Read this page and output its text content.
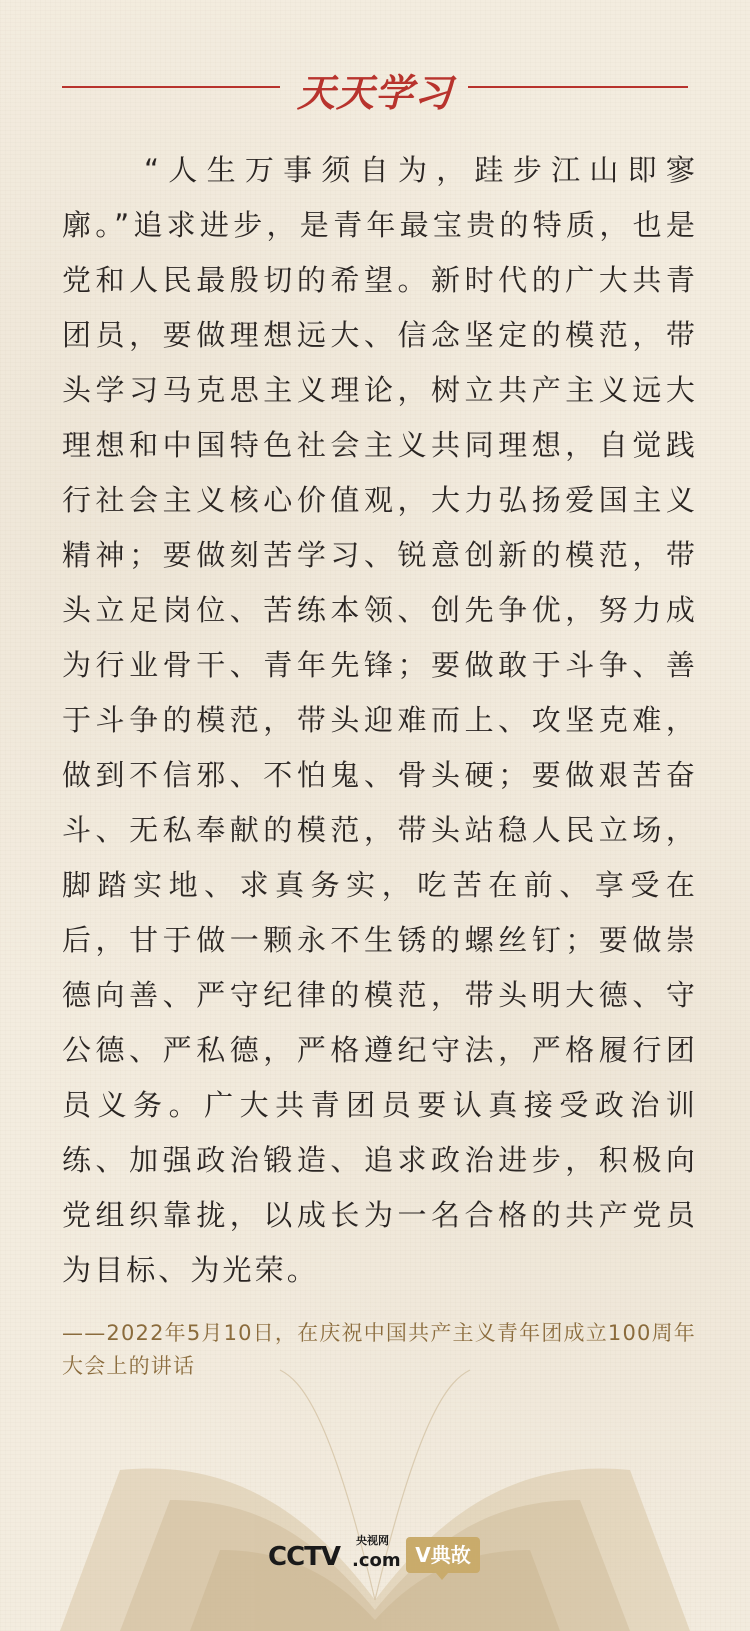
天天学习

“人生万事须自为，跬步江山即寥廓。”追求进步，是青年最宝贵的特质，也是党和人民最殷切的希望。新时代的广大共青团员，要做理想远大、信念坚定的模范，带头学习马克思主义理论，树立共产主义远大理想和中国特色社会主义共同理想，自觉践行社会主义核心价值观，大力弘扬爱国主义精神；要做刻苦学习、锐意创新的模范，带头立足岗位、苦练本领、创先争优，努力成为行业骨干、青年先锋；要做敢于斗争、善于斗争的模范，带头迎难而上、攻坚克难，做到不信邪、不怕鬼、骨头硬；要做艰苦奋斗、无私奉献的模范，带头站稳人民立场，脚踏实地、求真务实，吃苦在前、享受在后，甘于做一颗永不生锈的螺丝钉；要做崇德向善、严守纪律的模范，带头明大德、守公德、严私德，严格遵纪守法，严格履行团员义务。广大共青团员要认真接受政治训练、加强政治锻造、追求政治进步，积极向党组织靠拢，以成长为一名合格的共产党员为目标、为光荣。

——2022年5月10日，在庆祝中国共产主义青年团成立100周年大会上的讲话

央视网
CCTV .com V典故
